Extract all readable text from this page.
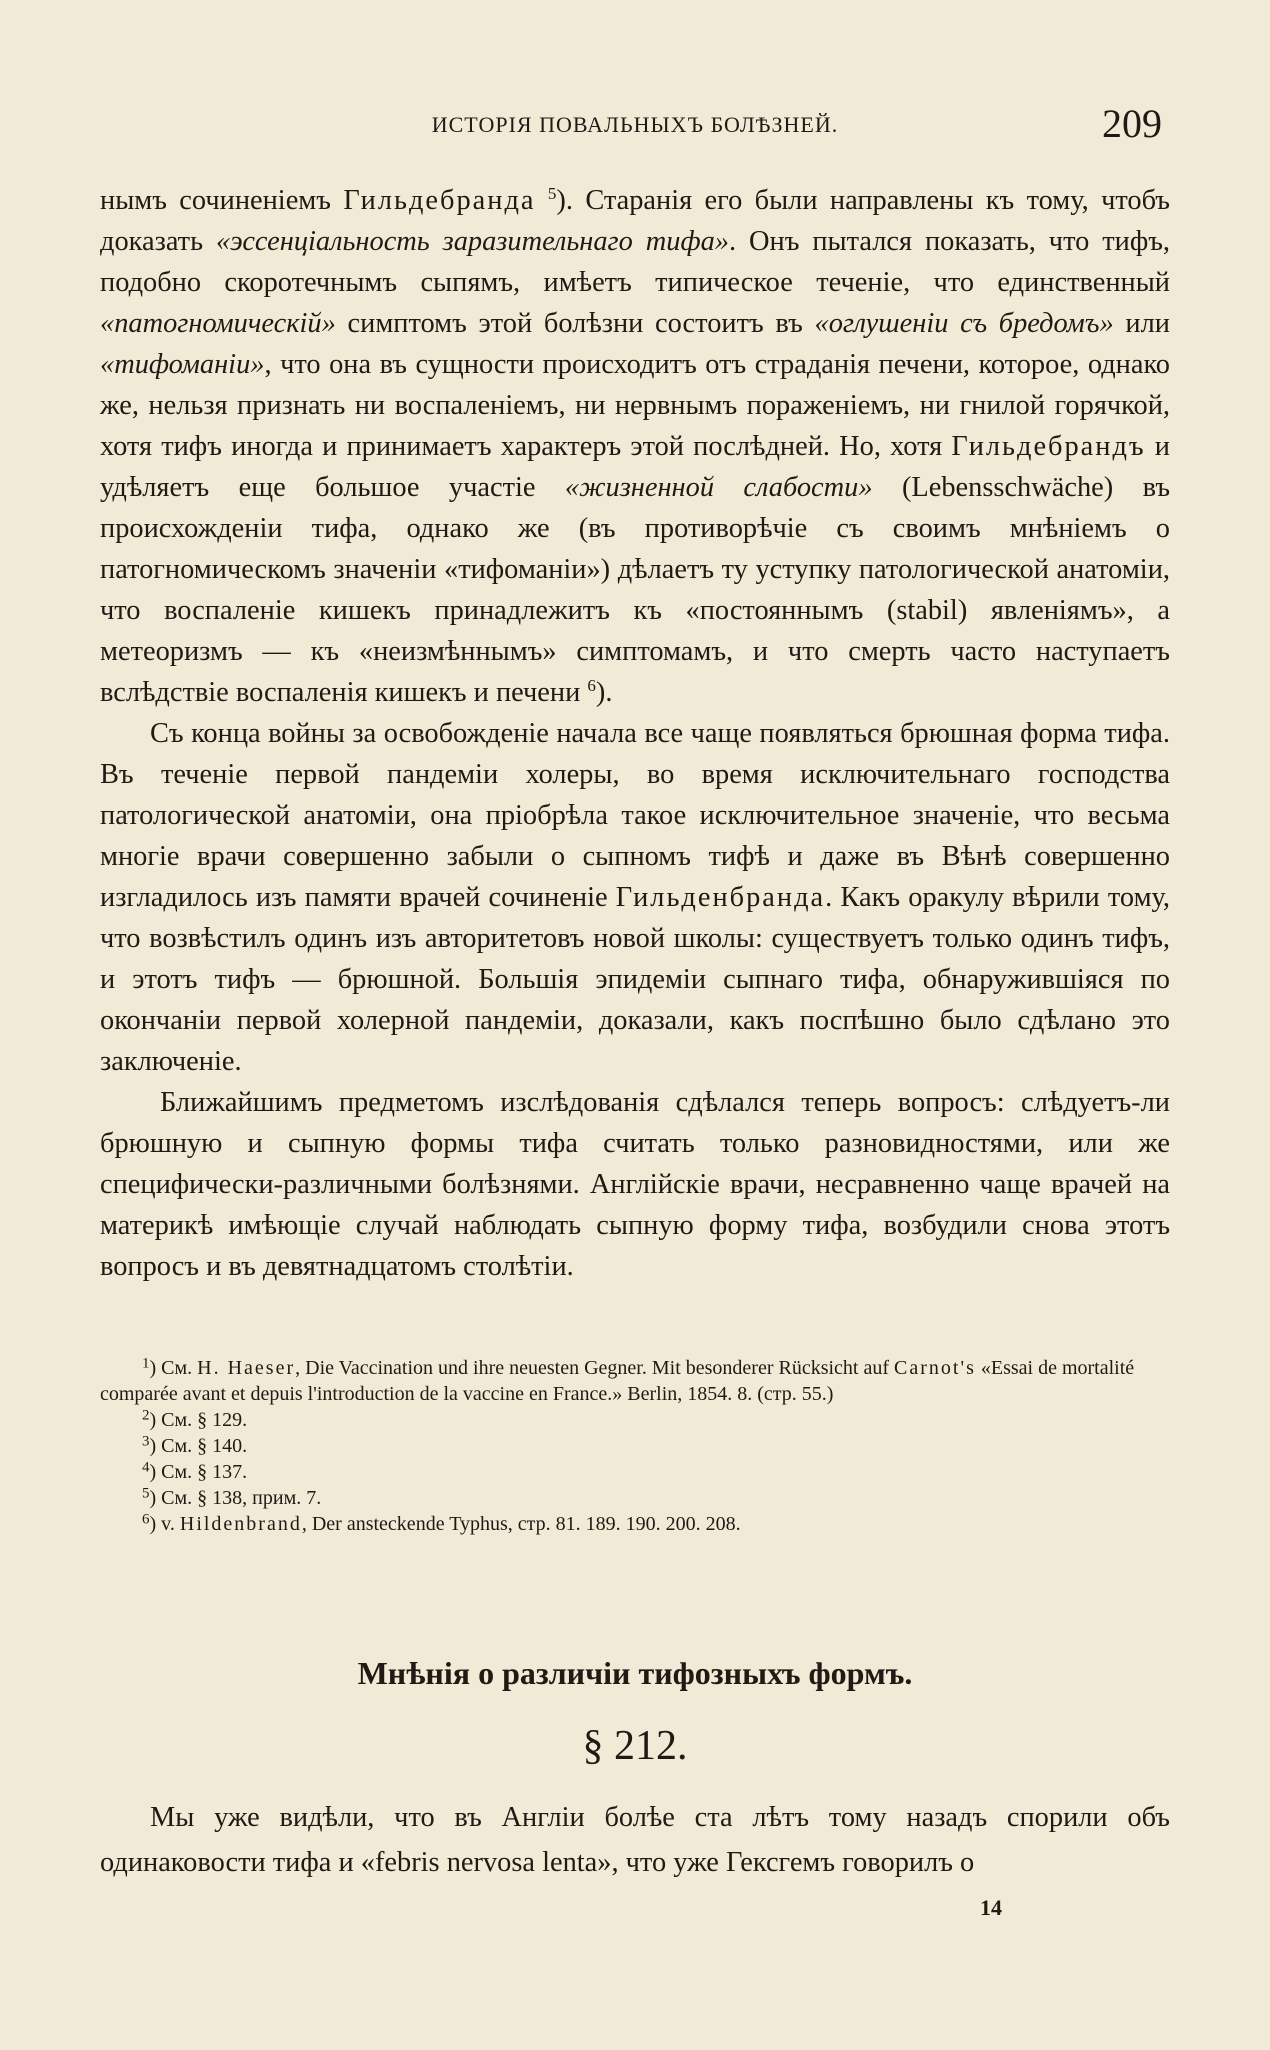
ИСТОРІЯ ПОВАЛЬНЫХЪ БОЛѢЗНЕЙ.	209

нымъ сочиненіемъ Гильдебранда $^5$). Старанія его были направлены къ тому, чтобъ доказать «эссенціальность заразительнаго тифа». Онъ пытался показать, что тифъ, подобно скоротечнымъ сыпямъ, имѣетъ типическое теченіе, что единственный «патогномическій» симптомъ этой болѣзни состоитъ въ «оглушеніи съ бредомъ» или «тифоманіи», что она въ сущности происходитъ отъ страданія печени, которое, однако же, нельзя признать ни воспаленіемъ, ни нервнымъ пораженіемъ, ни гнилой горячкой, хотя тифъ иногда и принимаетъ характеръ этой послѣдней. Но, хотя Гильдебрандъ и удѣляетъ еще большое участіе «жизненной слабости» (Lebensschwäche) въ происхожденіи тифа, однако же (въ противорѣчіе съ своимъ мнѣніемъ о патогномическомъ значеніи «тифоманіи») дѣлаетъ ту уступку патологической анатоміи, что воспаленіе кишекъ принадлежитъ къ «постояннымъ (stabil) явленіямъ», а метеоризмъ — къ «неизмѣннымъ» симптомамъ, и что смерть часто наступаетъ вслѣдствіе воспаленія кишекъ и печени $^6$).

Съ конца войны за освобожденіе начала все чаще появляться брюшная форма тифа. Въ теченіе первой пандеміи холеры, во время исключительнаго господства патологической анатоміи, она пріобрѣла такое исключительное значеніе, что весьма многіе врачи совершенно забыли о сыпномъ тифѣ и даже въ Вѣнѣ совершенно изгладилось изъ памяти врачей сочиненіе Гильденбранда. Какъ оракулу вѣрили тому, что возвѣстилъ одинъ изъ авторитетовъ новой школы: существуетъ только одинъ тифъ, и этотъ тифъ — брюшной. Большія эпидеміи сыпнаго тифа, обнаружившіяся по окончаніи первой холерной пандеміи, доказали, какъ поспѣшно было сдѣлано это заключеніе.

Ближайшимъ предметомъ изслѣдованія сдѣлался теперь вопросъ: слѣдуетъ-ли брюшную и сыпную формы тифа считать только разновидностями, или же специфически-различными болѣзнями. Англійскіе врачи, несравненно чаще врачей на материкѣ имѣющіе случай наблюдать сыпную форму тифа, возбудили снова этотъ вопросъ и въ девятнадцатомъ столѣтіи.

$^1$) См. H. Haeser, Die Vaccination und ihre neuesten Gegner. Mit besonderer Rücksicht auf Carnot's «Essai de mortalité comparée avant et depuis l'introduction de la vaccine en France.» Berlin, 1854. 8. (стр. 55.)

$^2$) См. § 129.

$^3$) См. § 140.

$^4$) См. § 137.

$^5$) См. § 138, прим. 7.

$^6$) v. Hildenbrand, Der ansteckende Typhus, стр. 81. 189. 190. 200. 208.

Мнѣнія о различіи тифозныхъ формъ.
§ 212.

Мы уже видѣли, что въ Англіи болѣе ста лѣтъ тому назадъ спорили объ одинаковости тифа и «febris nervosa lenta», что уже Гексгемъ говорилъ о

14
